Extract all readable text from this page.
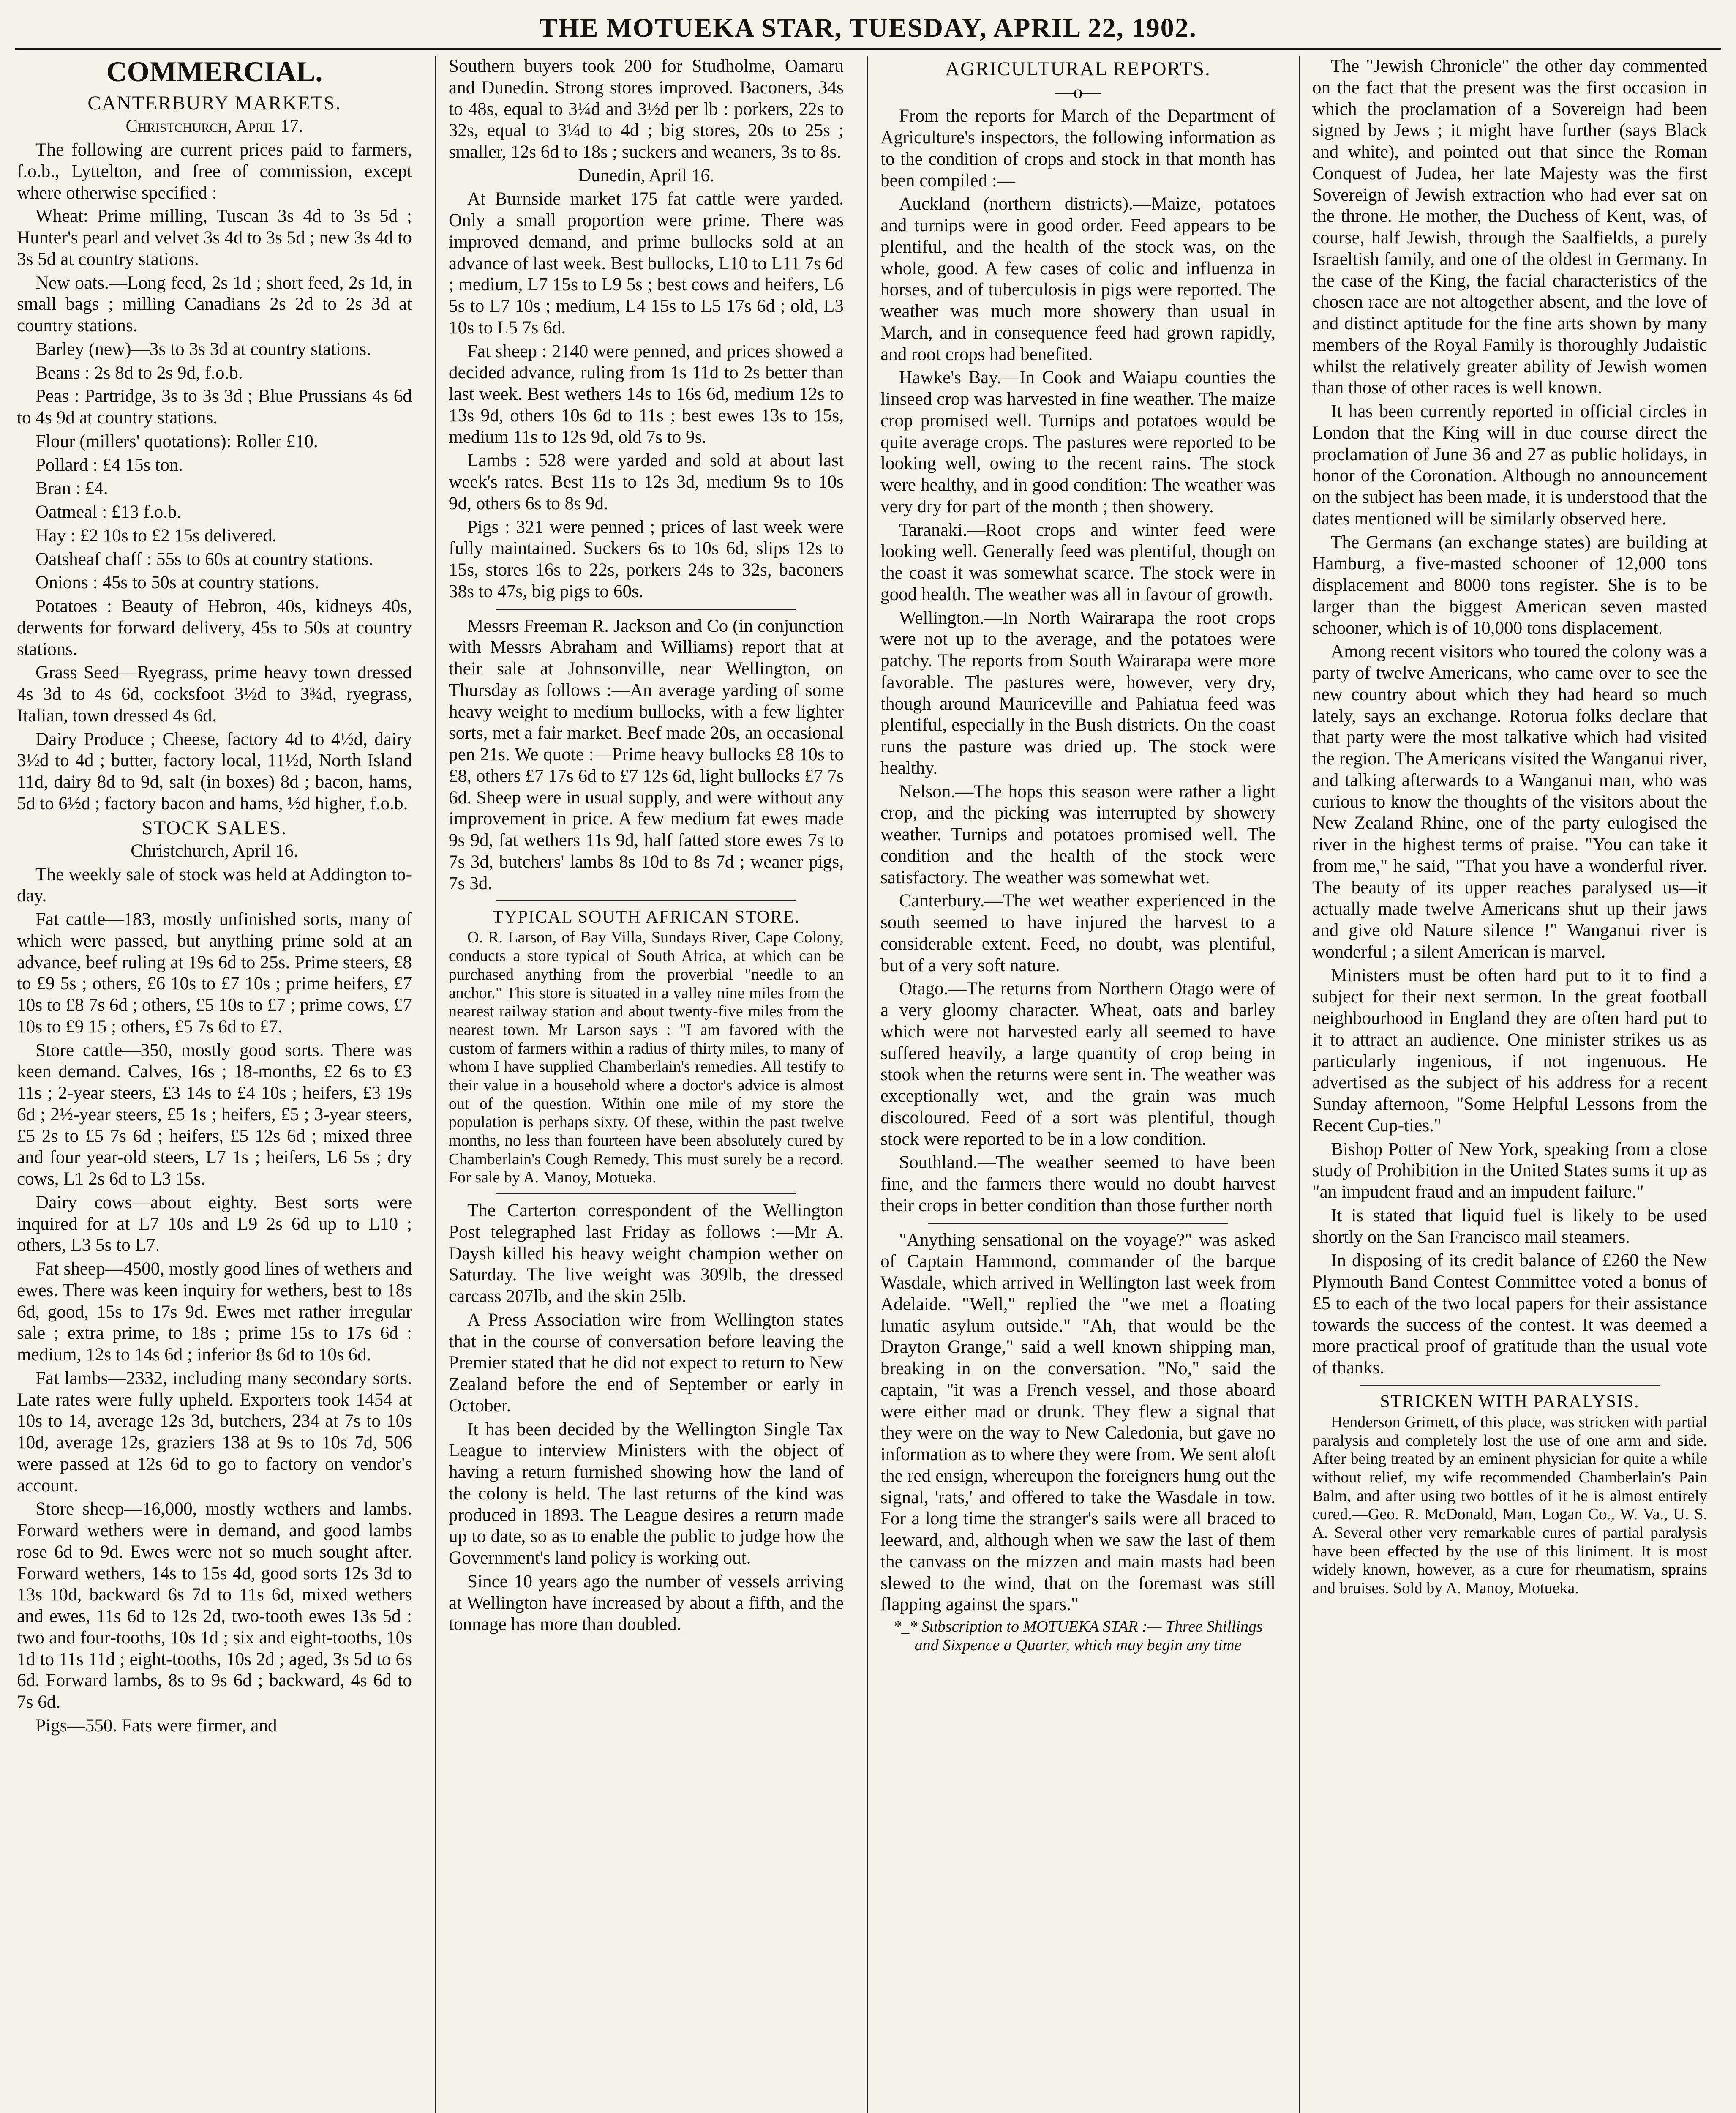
THE MOTUEKA STAR, TUESDAY, APRIL 22, 1902.
COMMERCIAL.
CANTERBURY MARKETS.

Christchurch, April 17.

The following are current prices paid to farmers, f.o.b., Lyttelton, and free of commission, except where otherwise specified :

Wheat: Prime milling, Tuscan 3s 4d to 3s 5d ; Hunter's pearl and velvet 3s 4d to 3s 5d ; new 3s 4d to 3s 5d at country stations.

New oats.—Long feed, 2s 1d ; short feed, 2s 1d, in small bags ; milling Canadians 2s 2d to 2s 3d at country stations.

Barley (new)—3s to 3s 3d at country stations.

Beans : 2s 8d to 2s 9d, f.o.b.

Peas : Partridge, 3s to 3s 3d ; Blue Prussians 4s 6d to 4s 9d at country stations.

Flour (millers' quotations): Roller £10.

Pollard : £4 15s ton.

Bran : £4.

Oatmeal : £13 f.o.b.

Hay : £2 10s to £2 15s delivered.

Oatsheaf chaff : 55s to 60s at country stations.

Onions : 45s to 50s at country stations.

Potatoes : Beauty of Hebron, 40s, kidneys 40s, derwents for forward delivery, 45s to 50s at country stations.

Grass Seed—Ryegrass, prime heavy town dressed 4s 3d to 4s 6d, cocksfoot 3½d to 3¾d, ryegrass, Italian, town dressed 4s 6d.

Dairy Produce ; Cheese, factory 4d to 4½d, dairy 3½d to 4d ; butter, factory local, 11½d, North Island 11d, dairy 8d to 9d, salt (in boxes) 8d ; bacon, hams, 5d to 6½d ; factory bacon and hams, ½d higher, f.o.b.

STOCK SALES.

Christchurch, April 16.

The weekly sale of stock was held at Addington to-day.

Fat cattle—183, mostly unfinished sorts, many of which were passed, but anything prime sold at an advance, beef ruling at 19s 6d to 25s. Prime steers, £8 to £9 5s ; others, £6 10s to £7 10s ; prime heifers, £7 10s to £8 7s 6d ; others, £5 10s to £7 ; prime cows, £7 10s to £9 15 ; others, £5 7s 6d to £7.

Store cattle—350, mostly good sorts. There was keen demand. Calves, 16s ; 18-months, £2 6s to £3 11s ; 2-year steers, £3 14s to £4 10s ; heifers, £3 19s 6d ; 2½-year steers, £5 1s ; heifers, £5 ; 3-year steers, £5 2s to £5 7s 6d ; heifers, £5 12s 6d ; mixed three and four year-old steers, L7 1s ; heifers, L6 5s ; dry cows, L1 2s 6d to L3 15s.

Dairy cows—about eighty. Best sorts were inquired for at L7 10s and L9 2s 6d up to L10 ; others, L3 5s to L7.

Fat sheep—4500, mostly good lines of wethers and ewes. There was keen inquiry for wethers, best to 18s 6d, good, 15s to 17s 9d. Ewes met rather irregular sale ; extra prime, to 18s ; prime 15s to 17s 6d : medium, 12s to 14s 6d ; inferior 8s 6d to 10s 6d.

Fat lambs—2332, including many secondary sorts. Late rates were fully upheld. Exporters took 1454 at 10s to 14, average 12s 3d, butchers, 234 at 7s to 10s 10d, average 12s, graziers 138 at 9s to 10s 7d, 506 were passed at 12s 6d to go to factory on vendor's account.

Store sheep—16,000, mostly wethers and lambs. Forward wethers were in demand, and good lambs rose 6d to 9d. Ewes were not so much sought after. Forward wethers, 14s to 15s 4d, good sorts 12s 3d to 13s 10d, backward 6s 7d to 11s 6d, mixed wethers and ewes, 11s 6d to 12s 2d, two-tooth ewes 13s 5d : two and four-tooths, 10s 1d ; six and eight-tooths, 10s 1d to 11s 11d ; eight-tooths, 10s 2d ; aged, 3s 5d to 6s 6d. Forward lambs, 8s to 9s 6d ; backward, 4s 6d to 7s 6d.

Pigs—550. Fats were firmer, and

Southern buyers took 200 for Studholme, Oamaru and Dunedin. Strong stores improved. Baconers, 34s to 48s, equal to 3¼d and 3½d per lb : porkers, 22s to 32s, equal to 3¼d to 4d ; big stores, 20s to 25s ; smaller, 12s 6d to 18s ; suckers and weaners, 3s to 8s.

Dunedin, April 16.

At Burnside market 175 fat cattle were yarded. Only a small proportion were prime. There was improved demand, and prime bullocks sold at an advance of last week. Best bullocks, L10 to L11 7s 6d ; medium, L7 15s to L9 5s ; best cows and heifers, L6 5s to L7 10s ; medium, L4 15s to L5 17s 6d ; old, L3 10s to L5 7s 6d.

Fat sheep : 2140 were penned, and prices showed a decided advance, ruling from 1s 11d to 2s better than last week. Best wethers 14s to 16s 6d, medium 12s to 13s 9d, others 10s 6d to 11s ; best ewes 13s to 15s, medium 11s to 12s 9d, old 7s to 9s.

Lambs : 528 were yarded and sold at about last week's rates. Best 11s to 12s 3d, medium 9s to 10s 9d, others 6s to 8s 9d.

Pigs : 321 were penned ; prices of last week were fully maintained. Suckers 6s to 10s 6d, slips 12s to 15s, stores 16s to 22s, porkers 24s to 32s, baconers 38s to 47s, big pigs to 60s.

Messrs Freeman R. Jackson and Co (in conjunction with Messrs Abraham and Williams) report that at their sale at Johnsonville, near Wellington, on Thursday as follows :—An average yarding of some heavy weight to medium bullocks, with a few lighter sorts, met a fair market. Beef made 20s, an occasional pen 21s. We quote :—Prime heavy bullocks £8 10s to £8, others £7 17s 6d to £7 12s 6d, light bullocks £7 7s 6d. Sheep were in usual supply, and were without any improvement in price. A few medium fat ewes made 9s 9d, fat wethers 11s 9d, half fatted store ewes 7s to 7s 3d, butchers' lambs 8s 10d to 8s 7d ; weaner pigs, 7s 3d.

TYPICAL SOUTH AFRICAN STORE.

O. R. Larson, of Bay Villa, Sundays River, Cape Colony, conducts a store typical of South Africa, at which can be purchased anything from the proverbial "needle to an anchor." This store is situated in a valley nine miles from the nearest railway station and about twenty-five miles from the nearest town. Mr Larson says : "I am favored with the custom of farmers within a radius of thirty miles, to many of whom I have supplied Chamberlain's remedies. All testify to their value in a household where a doctor's advice is almost out of the question. Within one mile of my store the population is perhaps sixty. Of these, within the past twelve months, no less than fourteen have been absolutely cured by Chamberlain's Cough Remedy. This must surely be a record. For sale by A. Manoy, Motueka.

The Carterton correspondent of the Wellington Post telegraphed last Friday as follows :—Mr A. Daysh killed his heavy weight champion wether on Saturday. The live weight was 309lb, the dressed carcass 207lb, and the skin 25lb.

A Press Association wire from Wellington states that in the course of conversation before leaving the Premier stated that he did not expect to return to New Zealand before the end of September or early in October.

It has been decided by the Wellington Single Tax League to interview Ministers with the object of having a return furnished showing how the land of the colony is held. The last returns of the kind was produced in 1893. The League desires a return made up to date, so as to enable the public to judge how the Government's land policy is working out.

Since 10 years ago the number of vessels arriving at Wellington have increased by about a fifth, and the tonnage has more than doubled.

AGRICULTURAL REPORTS.

—o—

From the reports for March of the Department of Agriculture's inspectors, the following information as to the condition of crops and stock in that month has been compiled :—

Auckland (northern districts).—Maize, potatoes and turnips were in good order. Feed appears to be plentiful, and the health of the stock was, on the whole, good. A few cases of colic and influenza in horses, and of tuberculosis in pigs were reported. The weather was much more showery than usual in March, and in consequence feed had grown rapidly, and root crops had benefited.

Hawke's Bay.—In Cook and Waiapu counties the linseed crop was harvested in fine weather. The maize crop promised well. Turnips and potatoes would be quite average crops. The pastures were reported to be looking well, owing to the recent rains. The stock were healthy, and in good condition: The weather was very dry for part of the month ; then showery.

Taranaki.—Root crops and winter feed were looking well. Generally feed was plentiful, though on the coast it was somewhat scarce. The stock were in good health. The weather was all in favour of growth.

Wellington.—In North Wairarapa the root crops were not up to the average, and the potatoes were patchy. The reports from South Wairarapa were more favorable. The pastures were, however, very dry, though around Mauriceville and Pahiatua feed was plentiful, especially in the Bush districts. On the coast runs the pasture was dried up. The stock were healthy.

Nelson.—The hops this season were rather a light crop, and the picking was interrupted by showery weather. Turnips and potatoes promised well. The condition and the health of the stock were satisfactory. The weather was somewhat wet.

Canterbury.—The wet weather experienced in the south seemed to have injured the harvest to a considerable extent. Feed, no doubt, was plentiful, but of a very soft nature.

Otago.—The returns from Northern Otago were of a very gloomy character. Wheat, oats and barley which were not harvested early all seemed to have suffered heavily, a large quantity of crop being in stook when the returns were sent in. The weather was exceptionally wet, and the grain was much discoloured. Feed of a sort was plentiful, though stock were reported to be in a low condition.

Southland.—The weather seemed to have been fine, and the farmers there would no doubt harvest their crops in better condition than those further north

"Anything sensational on the voyage?" was asked of Captain Hammond, commander of the barque Wasdale, which arrived in Wellington last week from Adelaide. "Well," replied the "we met a floating lunatic asylum outside." "Ah, that would be the Drayton Grange," said a well known shipping man, breaking in on the conversation. "No," said the captain, "it was a French vessel, and those aboard were either mad or drunk. They flew a signal that they were on the way to New Caledonia, but gave no information as to where they were from. We sent aloft the red ensign, whereupon the foreigners hung out the signal, 'rats,' and offered to take the Wasdale in tow. For a long time the stranger's sails were all braced to leeward, and, although when we saw the last of them the canvass on the mizzen and main masts had been slewed to the wind, that on the foremast was still flapping against the spars."

*_* Subscription to MOTUEKA STAR :— Three Shillings and Sixpence a Quarter, which may begin any time

The "Jewish Chronicle" the other day commented on the fact that the present was the first occasion in which the proclamation of a Sovereign had been signed by Jews ; it might have further (says Black and white), and pointed out that since the Roman Conquest of Judea, her late Majesty was the first Sovereign of Jewish extraction who had ever sat on the throne. He mother, the Duchess of Kent, was, of course, half Jewish, through the Saalfields, a purely Israeltish family, and one of the oldest in Germany. In the case of the King, the facial characteristics of the chosen race are not altogether absent, and the love of and distinct aptitude for the fine arts shown by many members of the Royal Family is thoroughly Judaistic whilst the relatively greater ability of Jewish women than those of other races is well known.

It has been currently reported in official circles in London that the King will in due course direct the proclamation of June 36 and 27 as public holidays, in honor of the Coronation. Although no announcement on the subject has been made, it is understood that the dates mentioned will be similarly observed here.

The Germans (an exchange states) are building at Hamburg, a five-masted schooner of 12,000 tons displacement and 8000 tons register. She is to be larger than the biggest American seven masted schooner, which is of 10,000 tons displacement.

Among recent visitors who toured the colony was a party of twelve Americans, who came over to see the new country about which they had heard so much lately, says an exchange. Rotorua folks declare that that party were the most talkative which had visited the region. The Americans visited the Wanganui river, and talking afterwards to a Wanganui man, who was curious to know the thoughts of the visitors about the New Zealand Rhine, one of the party eulogised the river in the highest terms of praise. "You can take it from me," he said, "That you have a wonderful river. The beauty of its upper reaches paralysed us—it actually made twelve Americans shut up their jaws and give old Nature silence !" Wanganui river is wonderful ; a silent American is marvel.

Ministers must be often hard put to it to find a subject for their next sermon. In the great football neighbourhood in England they are often hard put to it to attract an audience. One minister strikes us as particularly ingenious, if not ingenuous. He advertised as the subject of his address for a recent Sunday afternoon, "Some Helpful Lessons from the Recent Cup-ties."

Bishop Potter of New York, speaking from a close study of Prohibition in the United States sums it up as "an impudent fraud and an impudent failure."

It is stated that liquid fuel is likely to be used shortly on the San Francisco mail steamers.

In disposing of its credit balance of £260 the New Plymouth Band Contest Committee voted a bonus of £5 to each of the two local papers for their assistance towards the success of the contest. It was deemed a more practical proof of gratitude than the usual vote of thanks.

STRICKEN WITH PARALYSIS.

Henderson Grimett, of this place, was stricken with partial paralysis and completely lost the use of one arm and side. After being treated by an eminent physician for quite a while without relief, my wife recommended Chamberlain's Pain Balm, and after using two bottles of it he is almost entirely cured.—Geo. R. McDonald, Man, Logan Co., W. Va., U. S. A. Several other very remarkable cures of partial paralysis have been effected by the use of this liniment. It is most widely known, however, as a cure for rheumatism, sprains and bruises. Sold by A. Manoy, Motueka.
